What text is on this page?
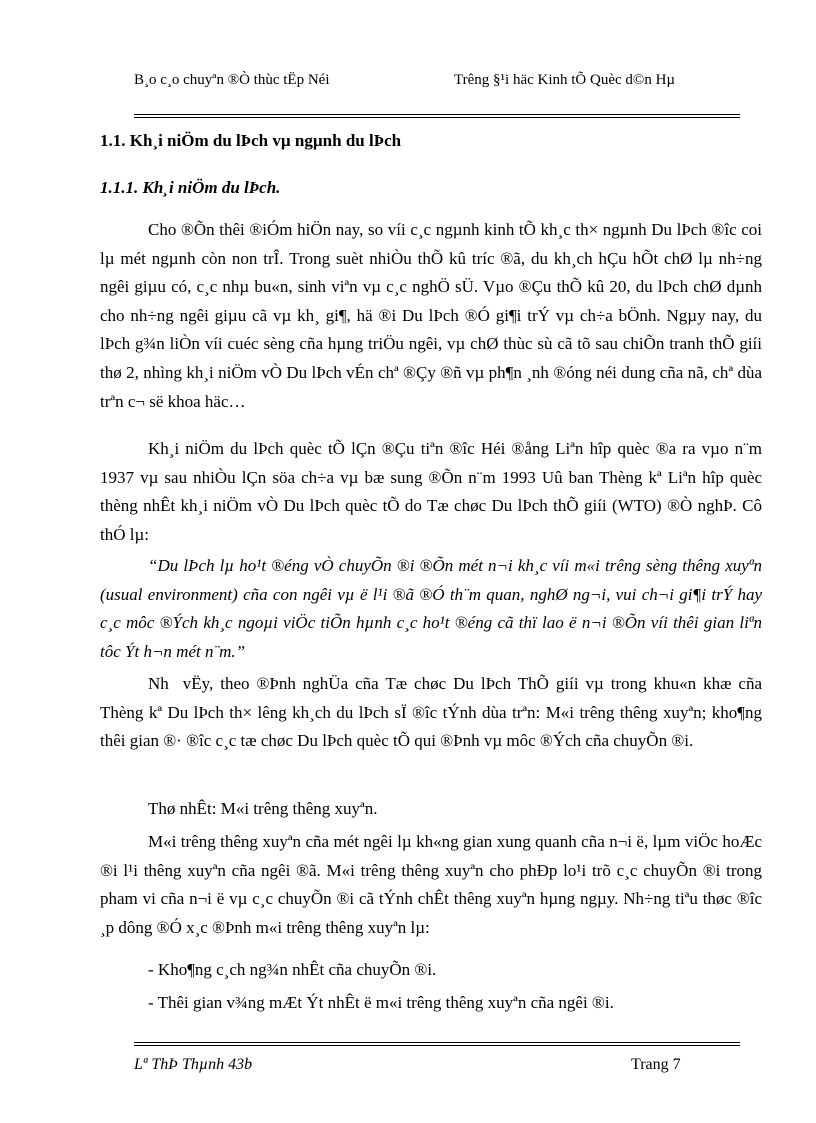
B¸o c¸o chuyªn ®Ò thùc tËp Néi	Trêng §¹i häc Kinh tÕ Quèc d©n Hµ
1.1. Kh¸i niÖm du lÞch vµ ngµnh du lÞch
1.1.1. Kh¸i niÖm du lÞch.

Cho ®Õn thêi ®iÓm hiÖn nay, so víi c¸c ngµnh kinh tÕ kh¸c th× ngµnh Du lÞch ®îc coi lµ mét ngµnh còn non trÎ. Trong suèt nhiÒu thÕ kû tríc ®ã, du kh¸ch hÇu hÕt chØ lµ nh÷ng ngêi giµu có, c¸c nhµ bu«n, sinh viªn vµ c¸c nghÖ sÜ. Vµo ®Çu thÕ kû 20, du lÞch chØ dµnh cho nh÷ng ngêi giµu cã vµ kh¸ gi¶, hä ®i Du lÞch ®Ó gi¶i trÝ vµ ch÷a bÖnh. Ngµy nay, du lÞch g¾n liÒn víi cuéc sèng cña hµng triÖu ngêi, vµ chØ thùc sù cã tõ sau chiÕn tranh thÕ giíi thø 2, nhìng kh¸i niÖm vÒ Du lÞch vÉn chª ®Çy ®ñ vµ ph¶n ¸nh ®óng néi dung cña nã, chª dùa trªn c¬ së khoa häc…

Kh¸i niÖm du lÞch quèc tÕ lÇn ®Çu tiªn ®îc Héi ®ång Liªn hîp quèc ®a ra vµo n¨m 1937 vµ sau nhiÒu lÇn söa ch÷a vµ bæ sung ®Õn n¨m 1993 Uû ban Thèng kª Liªn hîp quèc thèng nhÊt kh¸i niÖm vÒ Du lÞch quèc tÕ do Tæ chøc Du lÞch thÕ giíi (WTO) ®Ò nghÞ. Cô thÓ lµ:

“Du lÞch lµ ho¹t ®éng vÒ chuyÕn ®i ®Õn mét n¬i kh¸c víi m«i trêng sèng thêng xuyªn (usual environment) cña con ngêi vµ ë l¹i ®ã ®Ó th¨m quan, nghØ ng¬i, vui ch¬i gi¶i trÝ hay c¸c môc ®Ých kh¸c ngoµi viÖc tiÕn hµnh c¸c ho¹t ®éng cã thï lao ë n¬i ®Õn víi thêi gian liªn tôc Ýt h¬n mét n¨m.”

Nh  vËy, theo ®Þnh nghÜa cña Tæ chøc Du lÞch ThÕ giíi vµ trong khu«n khæ cña Thèng kª Du lÞch th× lêng kh¸ch du lÞch sÏ ®îc tÝnh dùa trªn: M«i trêng thêng xuyªn; kho¶ng thêi gian ®· ®îc c¸c tæ chøc Du lÞch quèc tÕ qui ®Þnh vµ môc ®Ých cña chuyÕn ®i.

Thø nhÊt: M«i trêng thêng xuyªn.

M«i trêng thêng xuyªn cña mét ngêi lµ kh«ng gian xung quanh cña n¬i ë, lµm viÖc hoÆc ®i l¹i thêng xuyªn cña ngêi ®ã. M«i trêng thêng xuyªn cho phÐp lo¹i trõ c¸c chuyÕn ®i trong pham vi cña n¬i ë vµ c¸c chuyÕn ®i cã tÝnh chÊt thêng xuyªn hµng ngµy. Nh÷ng tiªu thøc ®îc ¸p dông ®Ó x¸c ®Þnh m«i trêng thêng xuyªn lµ:

- Kho¶ng c¸ch ng¾n nhÊt cña chuyÕn ®i.

- Thêi gian v¾ng mÆt Ýt nhÊt ë m«i trêng thêng xuyªn cña ngêi ®i.

Lª ThÞ Thµnh 43b	Trang 7
